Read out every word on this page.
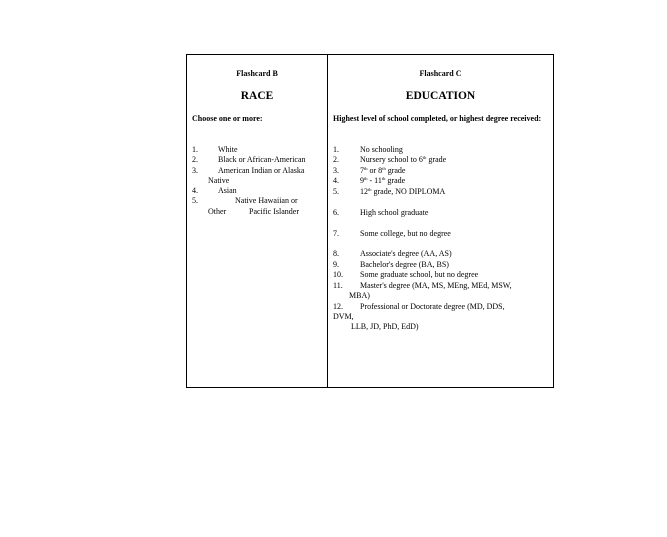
Flashcard B
RACE
Choose one or more:
1.	White
2.	Black or African-American
3.	American Indian or Alaska
Native
4.	Asian
5.	Native Hawaiian or
Other	Pacific Islander
Flashcard C
EDUCATION
Highest level of school completed, or highest degree received:
1.	No schooling
2.	Nursery school to 6th grade
3.	7th or 8th grade
4.	9th - 11th grade
5.	12th grade, NO DIPLOMA
6.	High school graduate
7.	Some college, but no degree
8.	Associate's degree (AA, AS)
9.	Bachelor's degree (BA, BS)
10. Some graduate school, but no degree
11. Master's degree (MA, MS, MEng, MEd, MSW,
MBA)
12. Professional or Doctorate degree (MD, DDS,
DVM,
LLB, JD, PhD, EdD)
